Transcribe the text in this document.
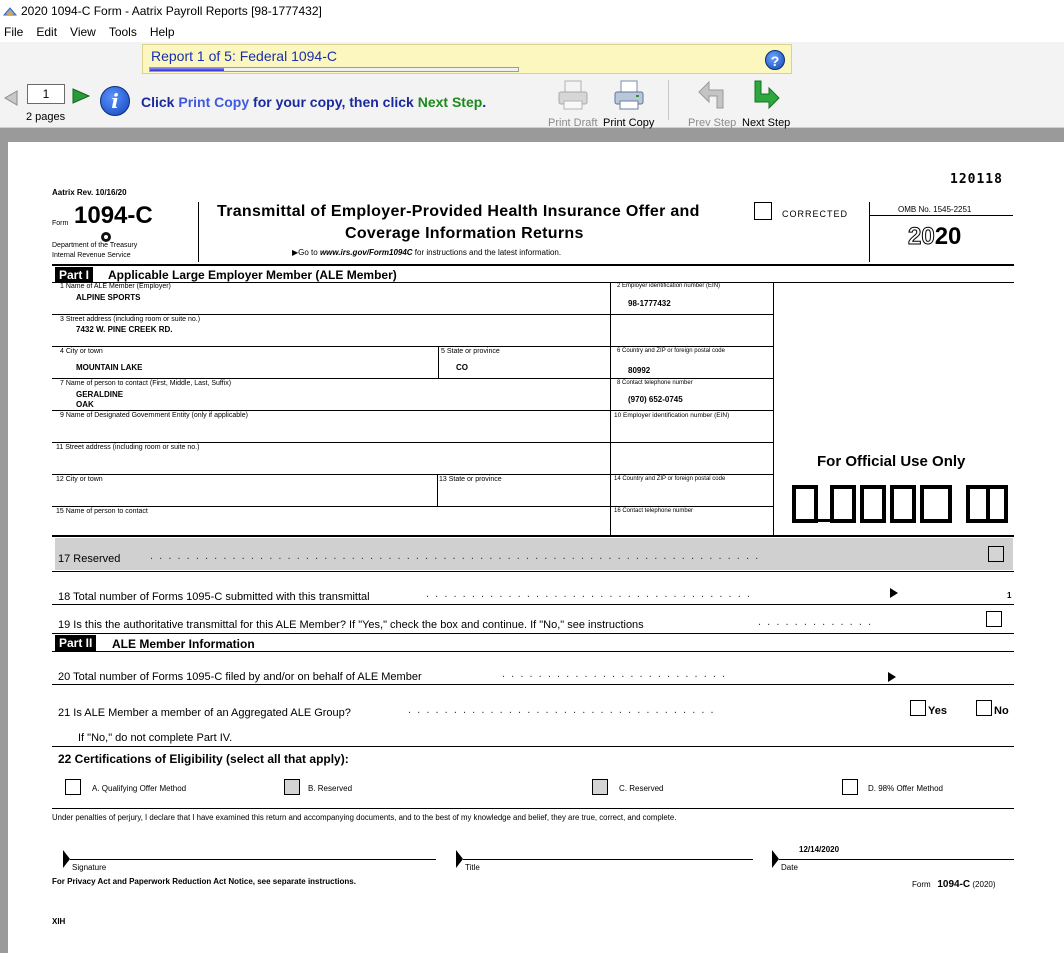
2020 1094-C Form - Aatrix Payroll Reports [98-1777432]
File	Edit	View	Tools	Help
Report 1 of 5: Federal 1094-C	?
1
2 pages
i	Click Print Copy for your copy, then click Next Step.
Print Draft Print Copy	Prev Step Next Step
120118
Aatrix Rev. 10/16/20
Form 1094-C
Department of the Treasury
Internal Revenue Service
Transmittal of Employer-Provided Health Insurance Offer and
Coverage Information Returns
▶Go to www.irs.gov/Form1094C for instructions and the latest information.
CORRECTED	OMB No. 1545-2251
2020
Part I	Applicable Large Employer Member (ALE Member)
1 Name of ALE Member (Employer)
ALPINE SPORTS
2 Employer identification number (EIN)
98-1777432
3 Street address (including room or suite no.)
7432 W. PINE CREEK RD.
4 City or town
MOUNTAIN LAKE
5 State or province
CO
6 Country and ZIP or foreign postal code
80992
7 Name of person to contact (First, Middle, Last, Suffix)
GERALDINE
OAK
8 Contact telephone number
(970) 652-0745
9 Name of Designated Government Entity (only if applicable)	10 Employer identification number (EIN)
11 Street address (including room or suite no.)
12 City or town	13 State or province	14 Country and ZIP or foreign postal code
15 Name of person to contact	16 Contact telephone number
For Official Use Only
17 Reserved	.  .  .  .  .  .  .  .  .  .  .  .  .  .  .  .  .  .  .  .  .  .  .  .  .  .  .  .  .  .  .  .  .  .  .  .  .  .  .  .  .  .  .  .  .  .  .  .  .  .  .  .  .  .  .  .  .  .  .  .  .  .  .  .  .  .  .
18 Total number of Forms 1095-C submitted with this transmittal	.  .  .  .  .  .  .  .  .  .  .  .  .  .  .  .  .  .  .  .  .  .  .  .  .  .  .  .  .  .  .  .  .  .  .  .	1
19 Is this the authoritative transmittal for this ALE Member? If "Yes," check the box and continue. If "No," see instructions	.  .  .  .  .  .  .  .  .  .  .  .  .
Part II	ALE Member Information
20 Total number of Forms 1095-C filed by and/or on behalf of ALE Member	.  .  .  .  .  .  .  .  .  .  .  .  .  .  .  .  .  .  .  .  .  .  .  .  .
21 Is ALE Member a member of an Aggregated ALE Group?	.  .  .  .  .  .  .  .  .  .  .  .  .  .  .  .  .  .  .  .  .  .  .  .  .  .  .  .  .  .  .  .  .  .	Yes	No
If "No," do not complete Part IV.
22 Certifications of Eligibility (select all that apply):
A. Qualifying Offer Method	B. Reserved	C. Reserved	D. 98% Offer Method
Under penalties of perjury, I declare that I have examined this return and accompanying documents, and to the best of my knowledge and belief, they are true, correct, and complete.
Signature	Title
12/14/2020
Date
For Privacy Act and Paperwork Reduction Act Notice, see separate instructions.	Form 1094-C (2020)
XIH
